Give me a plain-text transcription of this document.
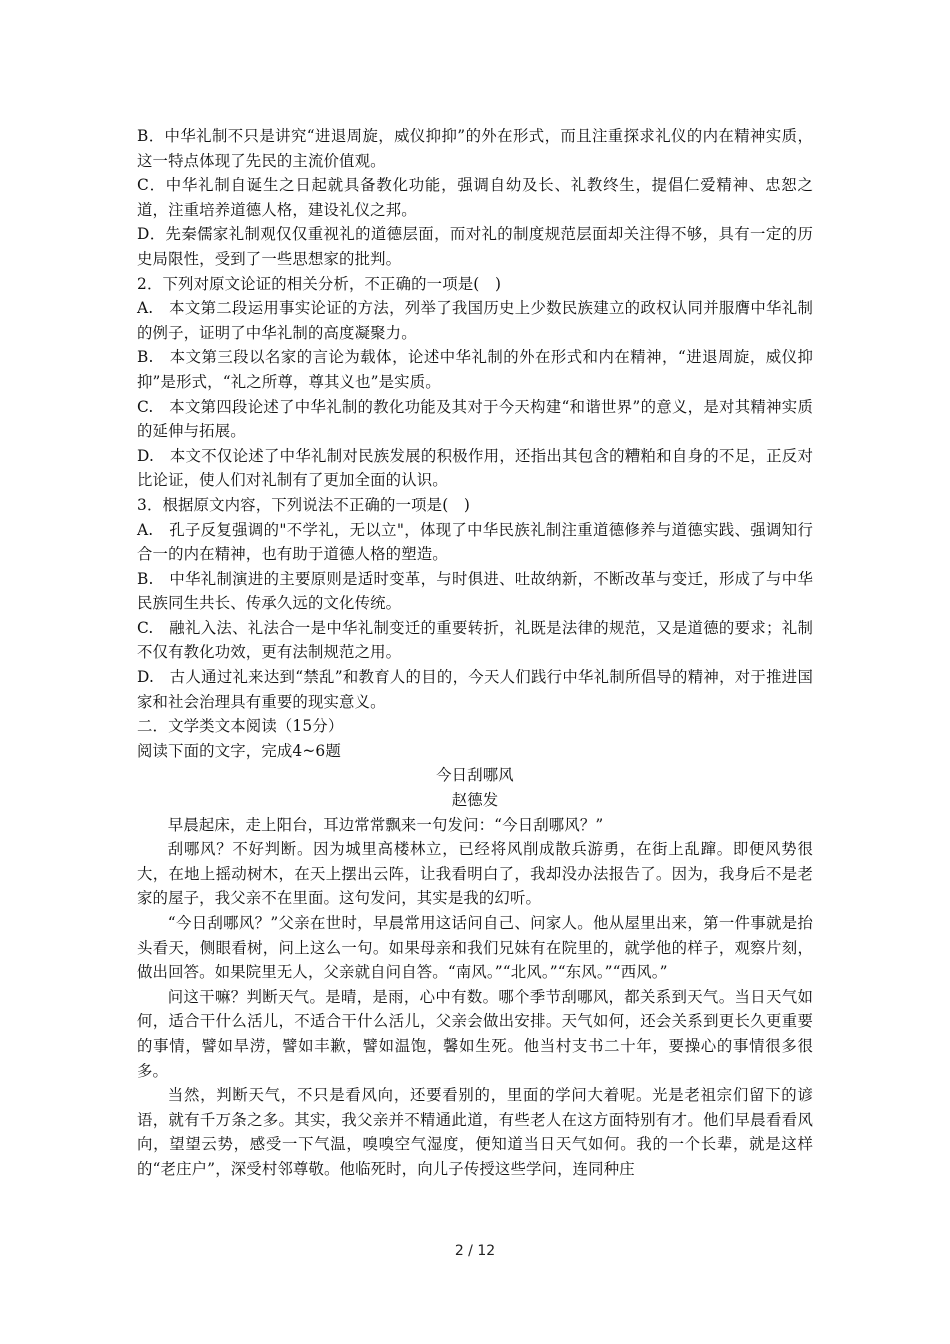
B．中华礼制不只是讲究“进退周旋，威仪抑抑”的外在形式，而且注重探求礼仪的内在精神实质，这一特点体现了先民的主流价值观。

C．中华礼制自诞生之日起就具备教化功能，强调自幼及长、礼教终生，提倡仁爱精神、忠恕之道，注重培养道德人格，建设礼仪之邦。

D．先秦儒家礼制观仅仅重视礼的道德层面，而对礼的制度规范层面却关注得不够，具有一定的历史局限性，受到了一些思想家的批判。

2．下列对原文论证的相关分析，不正确的一项是(　)

A.　本文第二段运用事实论证的方法，列举了我国历史上少数民族建立的政权认同并服膺中华礼制的例子，证明了中华礼制的高度凝聚力。

B.　本文第三段以名家的言论为载体，论述中华礼制的外在形式和内在精神，“进退周旋，威仪抑抑”是形式，“礼之所尊，尊其义也”是实质。

C.　本文第四段论述了中华礼制的教化功能及其对于今天构建“和谐世界”的意义，是对其精神实质的延伸与拓展。

D.　本文不仅论述了中华礼制对民族发展的积极作用，还指出其包含的糟粕和自身的不足，正反对比论证，使人们对礼制有了更加全面的认识。

3．根据原文内容，下列说法不正确的一项是(　)

A.　孔子反复强调的"不学礼，无以立"，体现了中华民族礼制注重道德修养与道德实践、强调知行合一的内在精神，也有助于道德人格的塑造。

B.　中华礼制演进的主要原则是适时变革，与时俱进、吐故纳新，不断改革与变迁，形成了与中华民族同生共长、传承久远的文化传统。

C.　融礼入法、礼法合一是中华礼制变迁的重要转折，礼既是法律的规范，又是道德的要求；礼制不仅有教化功效，更有法制规范之用。

D.　古人通过礼来达到“禁乱”和教育人的目的，今天人们践行中华礼制所倡导的精神，对于推进国家和社会治理具有重要的现实意义。

二．文学类文本阅读（15分）

阅读下面的文字，完成4~6题

今日刮哪风

赵德发

早晨起床，走上阳台，耳边常常飘来一句发问：“今日刮哪风？”

刮哪风？不好判断。因为城里高楼林立，已经将风削成散兵游勇，在街上乱蹿。即便风势很大，在地上摇动树木，在天上摆出云阵，让我看明白了，我却没办法报告了。因为，我身后不是老家的屋子，我父亲不在里面。这句发问，其实是我的幻听。

“今日刮哪风？”父亲在世时，早晨常用这话问自己、问家人。他从屋里出来，第一件事就是抬头看天，侧眼看树，问上这么一句。如果母亲和我们兄妹有在院里的，就学他的样子，观察片刻，做出回答。如果院里无人，父亲就自问自答。“南风。”“北风。”“东风。”“西风。”

问这干嘛？判断天气。是晴，是雨，心中有数。哪个季节刮哪风，都关系到天气。当日天气如何，适合干什么活儿，不适合干什么活儿，父亲会做出安排。天气如何，还会关系到更长久更重要的事情，譬如旱涝，譬如丰歉，譬如温饱，馨如生死。他当村支书二十年，要操心的事情很多很多。

当然，判断天气，不只是看风向，还要看别的，里面的学问大着呢。光是老祖宗们留下的谚语，就有千万条之多。其实，我父亲并不精通此道，有些老人在这方面特别有才。他们早晨看看风向，望望云势，感受一下气温，嗅嗅空气湿度，便知道当日天气如何。我的一个长辈，就是这样的“老庄户”，深受村邻尊敬。他临死时，向儿子传授这些学问，连同种庄

2 / 12
